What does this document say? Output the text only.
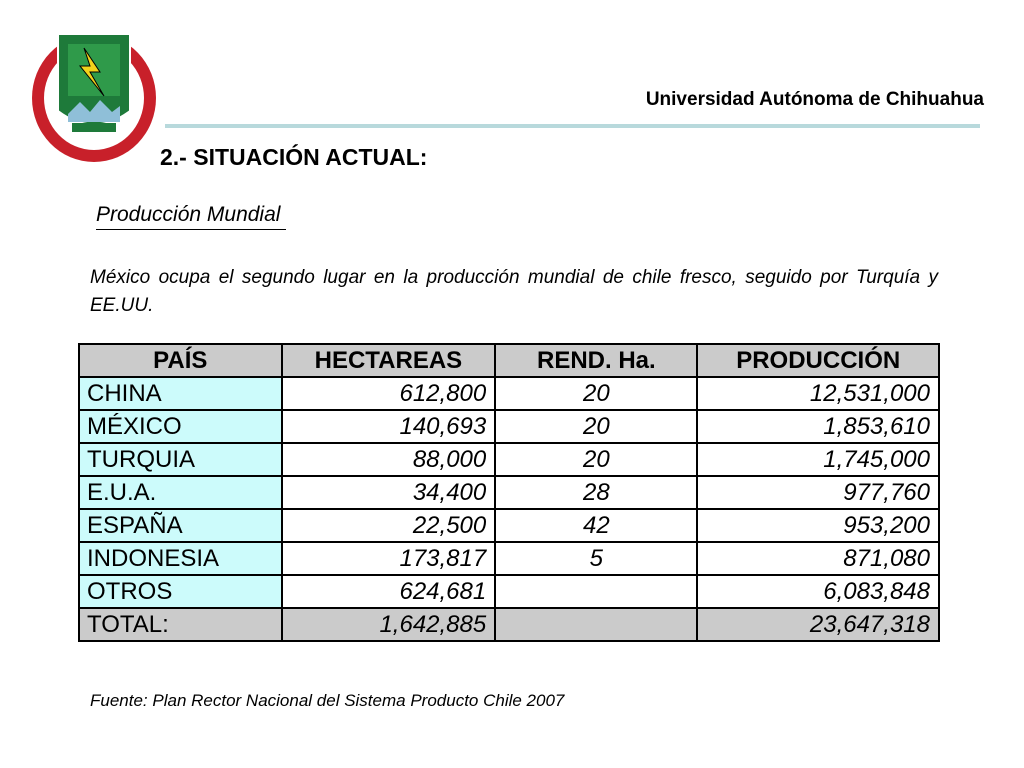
Universidad Autónoma de Chihuahua
2.- SITUACIÓN ACTUAL:
Producción Mundial

México ocupa el segundo lugar en la producción mundial de chile fresco, seguido por Turquía y EE.UU.

PAÍS	HECTAREAS	REND. Ha.	PRODUCCIÓN
CHINA	612,800	20	12,531,000
MÉXICO	140,693	20	1,853,610
TURQUIA	88,000	20	1,745,000
E.U.A.	34,400	28	977,760
ESPAÑA	22,500	42	953,200
INDONESIA	173,817	5	871,080
OTROS	624,681		6,083,848
TOTAL:	1,642,885		23,647,318
Fuente: Plan Rector Nacional del Sistema Producto Chile 2007
